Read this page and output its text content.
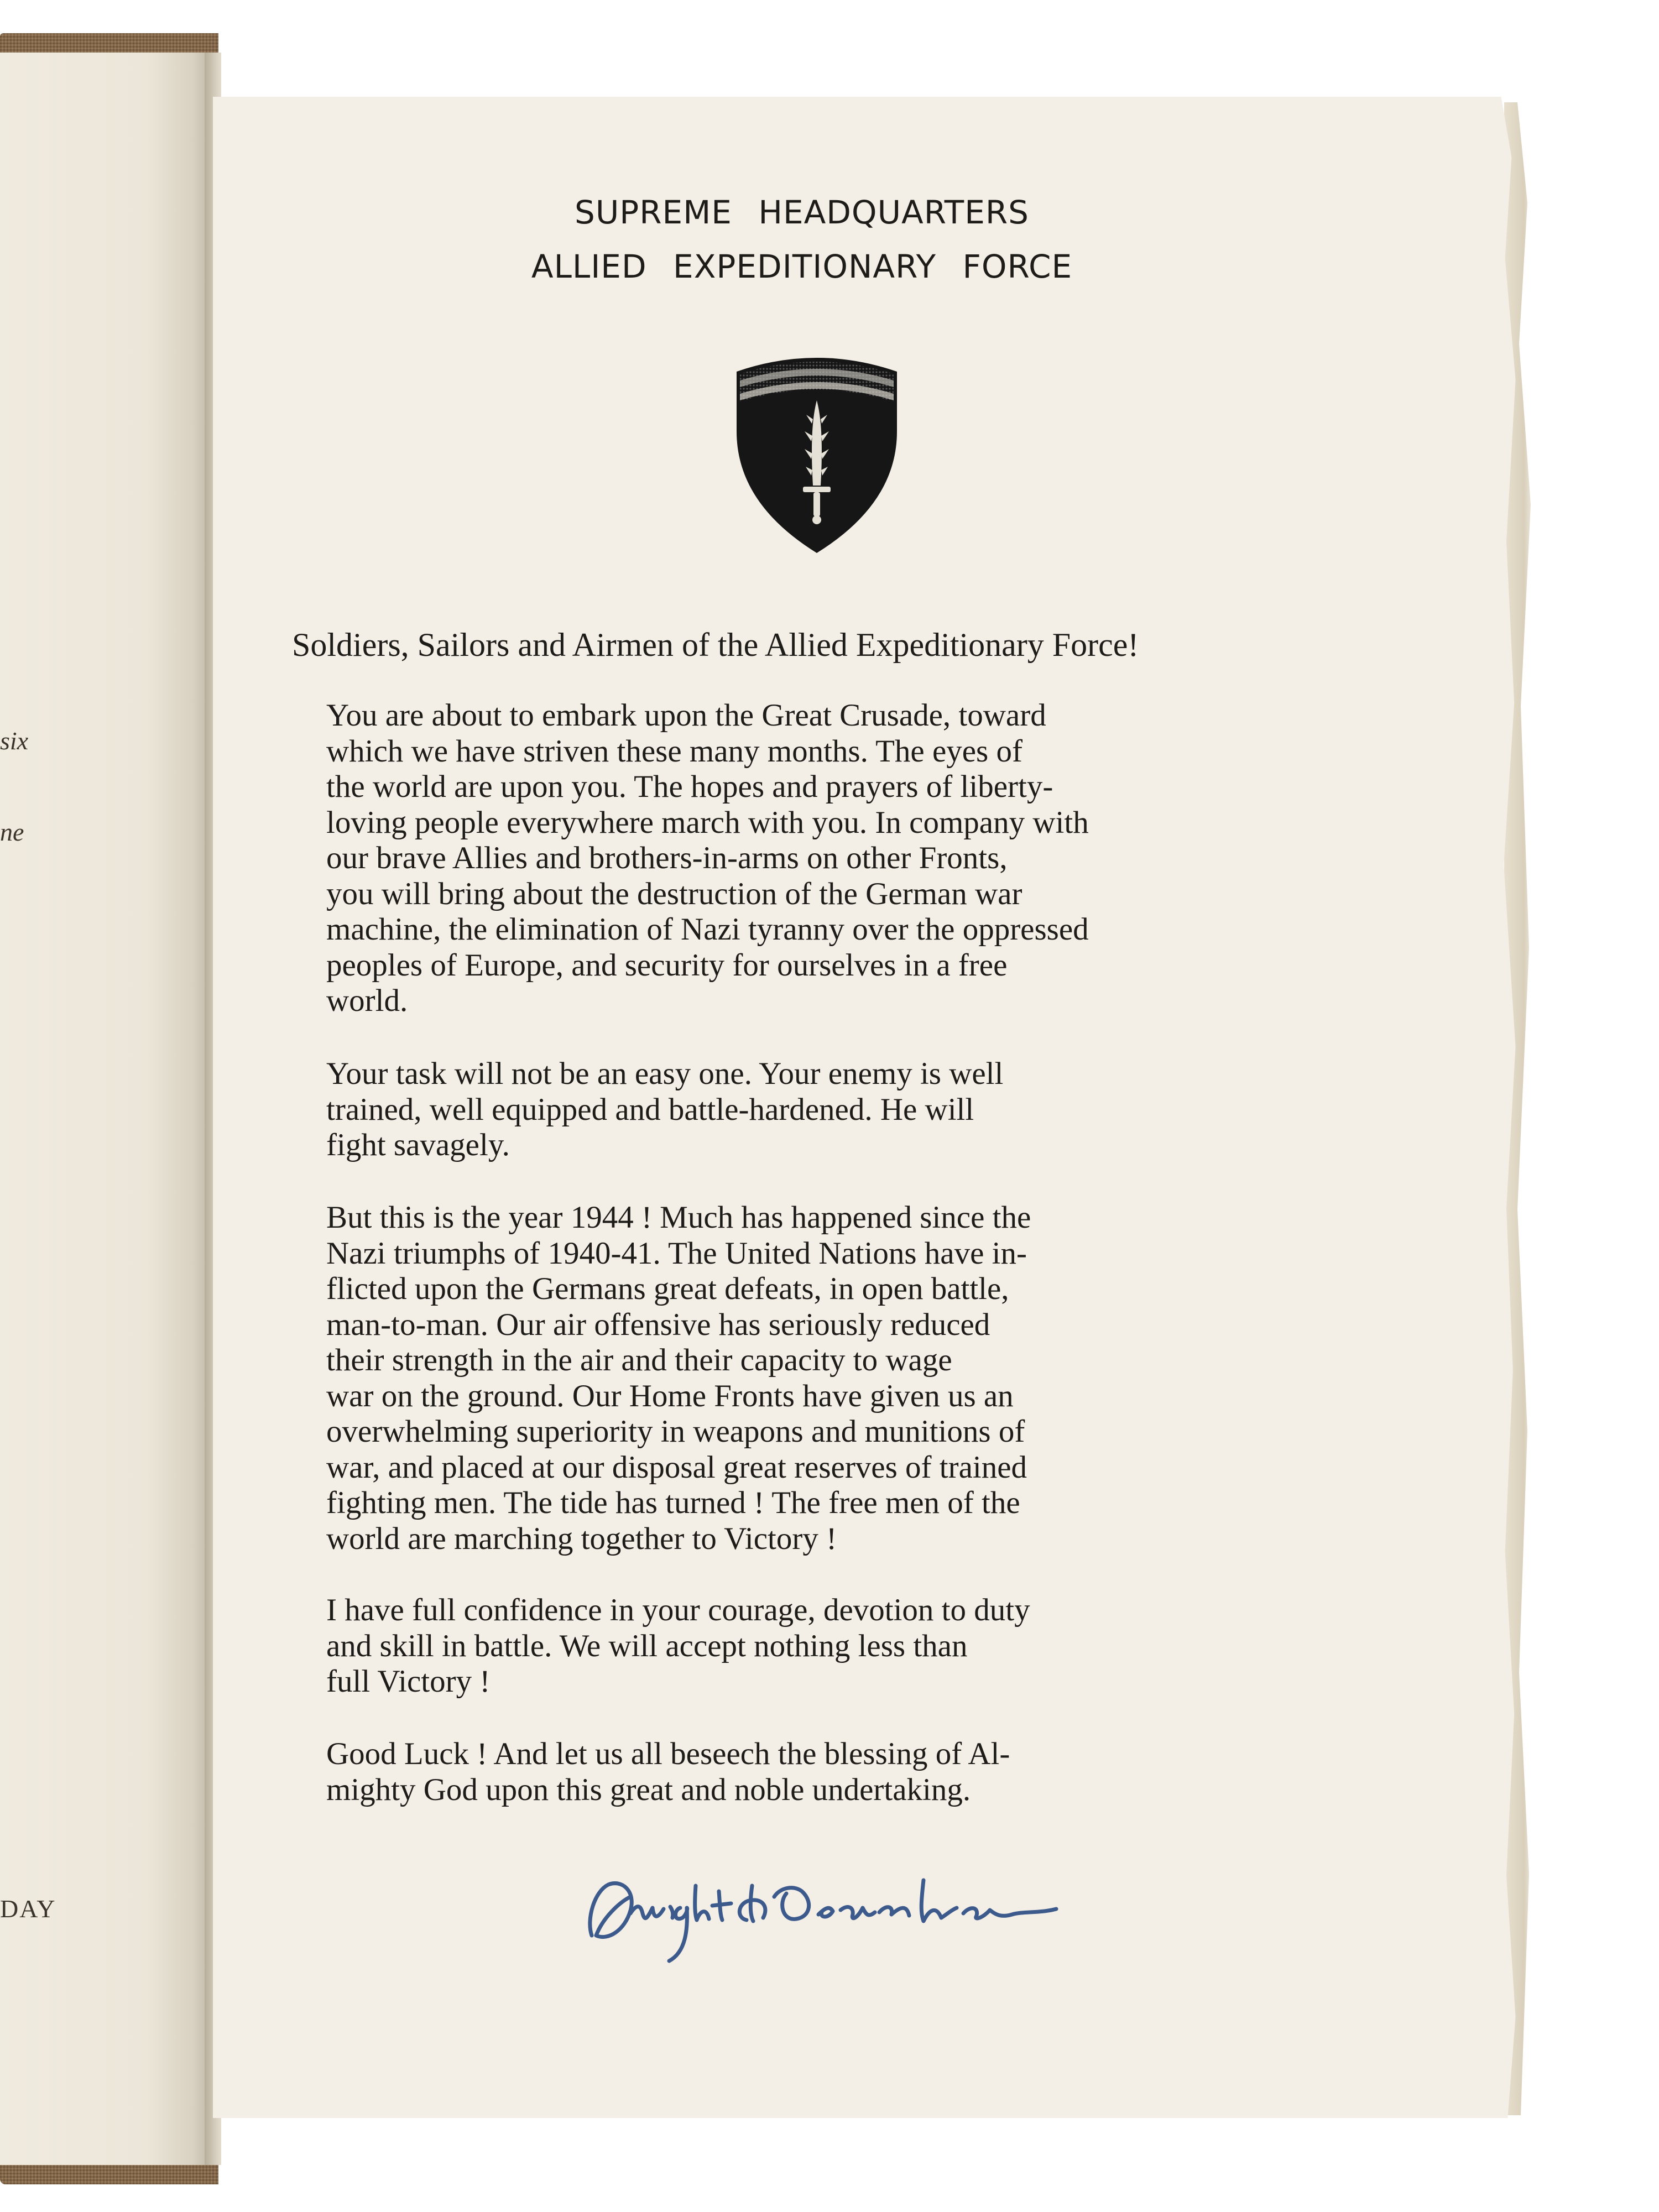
six
ne
DAY
SUPREME HEADQUARTERS
ALLIED EXPEDITIONARY FORCE
Soldiers, Sailors and Airmen of the Allied Expeditionary Force!

You are about to embark upon the Great Crusade, toward
which we have striven these many months. The eyes of
the world are upon you. The hopes and prayers of liberty-
loving people everywhere march with you. In company with
our brave Allies and brothers-in-arms on other Fronts,
you will bring about the destruction of the German war
machine, the elimination of Nazi tyranny over the oppressed
peoples of Europe, and security for ourselves in a free
world.

Your task will not be an easy one. Your enemy is well
trained, well equipped and battle-hardened. He will
fight savagely.

But this is the year 1944 ! Much has happened since the
Nazi triumphs of 1940-41. The United Nations have in-
flicted upon the Germans great defeats, in open battle,
man-to-man. Our air offensive has seriously reduced
their strength in the air and their capacity to wage
war on the ground. Our Home Fronts have given us an
overwhelming superiority in weapons and munitions of
war, and placed at our disposal great reserves of trained
fighting men. The tide has turned ! The free men of the
world are marching together to Victory !

I have full confidence in your courage, devotion to duty
and skill in battle. We will accept nothing less than
full Victory !

Good Luck ! And let us all beseech the blessing of Al-
mighty God upon this great and noble undertaking.
